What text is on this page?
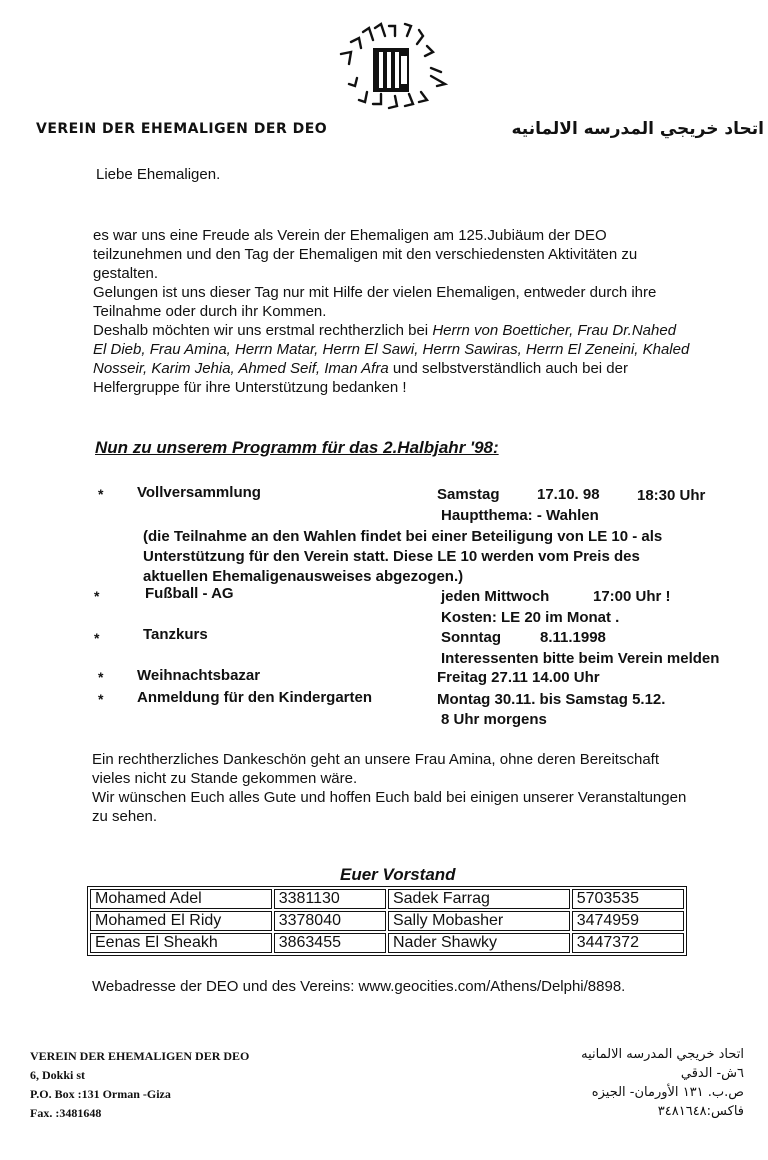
VEREIN DER EHEMALIGEN DER DEO	اتحاد خريجي المدرسه الالمانيه
Liebe Ehemaligen.
es war uns eine Freude als Verein der Ehemaligen am 125.Jubiäum der DEO
teilzunehmen und den Tag der Ehemaligen mit den verschiedensten Aktivitäten zu
gestalten.
Gelungen ist uns dieser Tag nur mit Hilfe der vielen Ehemaligen, entweder durch ihre
Teilnahme oder durch ihr Kommen.
Deshalb möchten wir uns erstmal rechtherzlich bei Herrn von Boetticher, Frau Dr.Nahed
El Dieb, Frau Amina, Herrn Matar, Herrn El Sawi, Herrn Sawiras, Herrn El Zeneini, Khaled
Nosseir, Karim Jehia, Ahmed Seif, Iman Afra und selbstverständlich auch bei der
Helfergruppe für ihre Unterstützung bedanken !
Nun zu unserem Programm für das 2.Halbjahr '98:
* Vollversammlung	Samstag 17.10. 98 18:30 Uhr
Hauptthema: - Wahlen
(die Teilnahme an den Wahlen findet bei einer Beteiligung von LE 10 - als
Unterstützung für den Verein statt. Diese LE 10 werden vom Preis des
aktuellen Ehemaligenausweises abgezogen.)
*	Fußball - AG	jeden Mittwoch	17:00 Uhr !
Kosten: LE 20 im Monat .
*	Tanzkurs	Sonntag	8.11.1998
Interessenten bitte beim Verein melden
* Weihnachtsbazar	Freitag 27.11 14.00 Uhr
* Anmeldung für den Kindergarten	Montag 30.11. bis Samstag 5.12.
8 Uhr morgens
Ein rechtherzliches Dankeschön geht an unsere Frau Amina, ohne deren Bereitschaft
vieles nicht zu Stande gekommen wäre.
Wir wünschen Euch alles Gute und hoffen Euch bald bei einigen unserer Veranstaltungen
zu sehen.
Euer Vorstand
Mohamed Adel	3381130	Sadek Farrag	5703535
Mohamed El Ridy	3378040	Sally Mobasher	3474959
Eenas El Sheakh	3863455	Nader Shawky	3447372
Webadresse der DEO und des Vereins: www.geocities.com/Athens/Delphi/8898.
VEREIN DER EHEMALIGEN DER DEO
6, Dokki st
P.O. Box :131 Orman -Giza
Fax. :3481648
اتحاد خريجي المدرسه الالمانيه
٦ش- الدقي
ص.ب. ١٣١ الأورمان- الجيزه
فاكس:٣٤٨١٦٤٨
